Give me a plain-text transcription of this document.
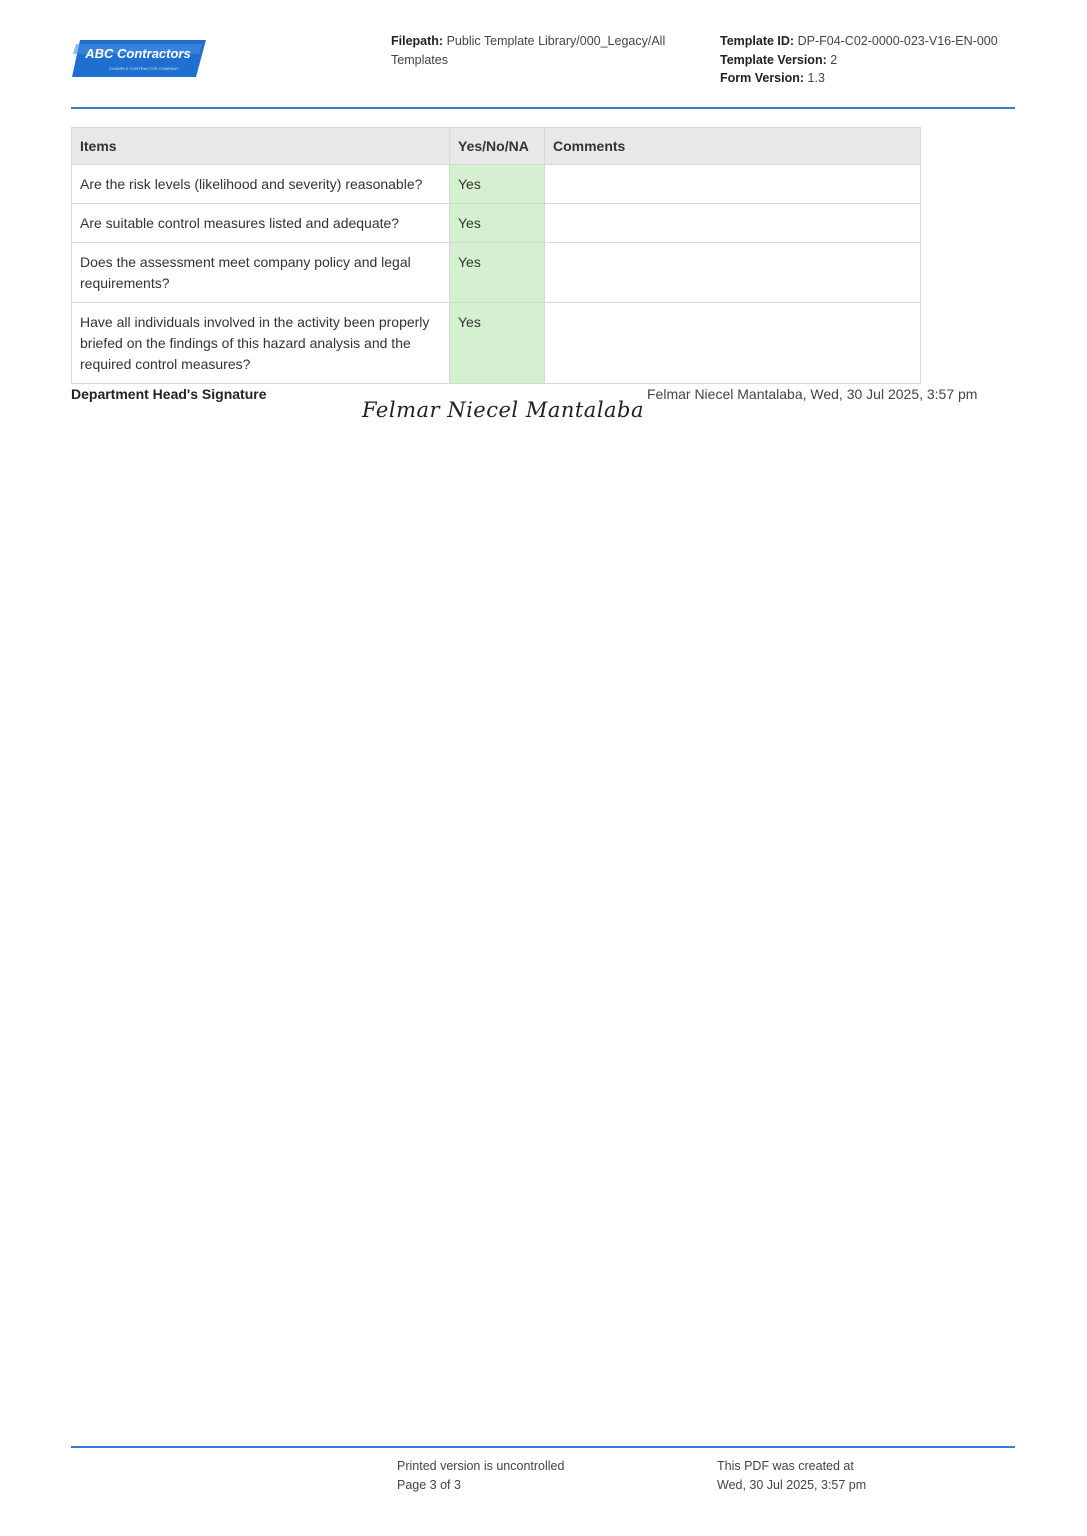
ABC Contractors
EXAMPLE CONTRACTOR COMPANY
Filepath: Public Template Library/000_Legacy/All Templates
Template ID: DP-F04-C02-0000-023-V16-EN-000
Template Version: 2
Form Version: 1.3
Items	Yes/No/NA	Comments
Are the risk levels (likelihood and severity) reasonable?	Yes	
Are suitable control measures listed and adequate?	Yes	
Does the assessment meet company policy and legal requirements?	Yes	
Have all individuals involved in the activity been properly briefed on the findings of this hazard analysis and the required control measures?	Yes	
Department Head's Signature
Felmar Niecel Mantalaba
Felmar Niecel Mantalaba, Wed, 30 Jul 2025, 3:57 pm
Printed version is uncontrolled
Page 3 of 3
This PDF was created at
Wed, 30 Jul 2025, 3:57 pm
